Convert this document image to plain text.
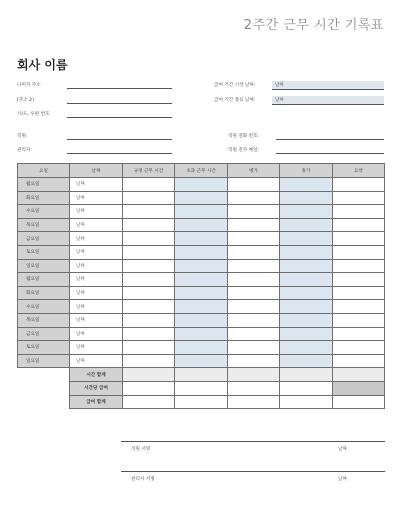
2주간 근무 시간 기록표
회사 이름
나머지 주소
[주소 2]
시/도, 우편 번호
직원:
관리자:
급여 기간 시작 날짜:	날짜
급여 기간 종료 날짜:	날짜
직원 전화 번호:
직원 전자 메일:
요일	날짜	규정 근무 시간	초과 근무 시간	병가	휴가	요약
월요일	날짜					
화요일	날짜					
수요일	날짜					
목요일	날짜					
금요일	날짜					
토요일	날짜					
일요일	날짜					
월요일	날짜					
화요일	날짜					
수요일	날짜					
목요일	날짜					
금요일	날짜					
토요일	날짜					
일요일	날짜					
	시간 합계					
	시간당 급여					
	급여 합계					
직원 서명	날짜
관리자 서명	날짜
